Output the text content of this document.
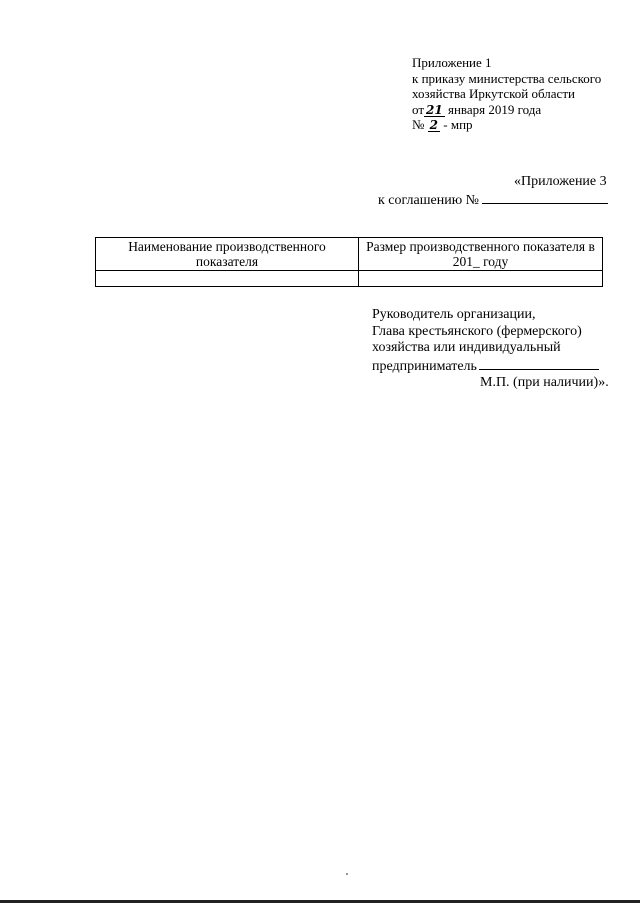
Приложение 1
к приказу министерства сельского
хозяйства Иркутской области
от 21 января 2019 года
№ 2 - мпр
«Приложение 3
к соглашению №
Наименование производственного показателя	Размер производственного показателя в 201_ году

Руководитель организации,
Глава крестьянского (фермерского)
хозяйства или индивидуальный
предприниматель
М.П. (при наличии)».
